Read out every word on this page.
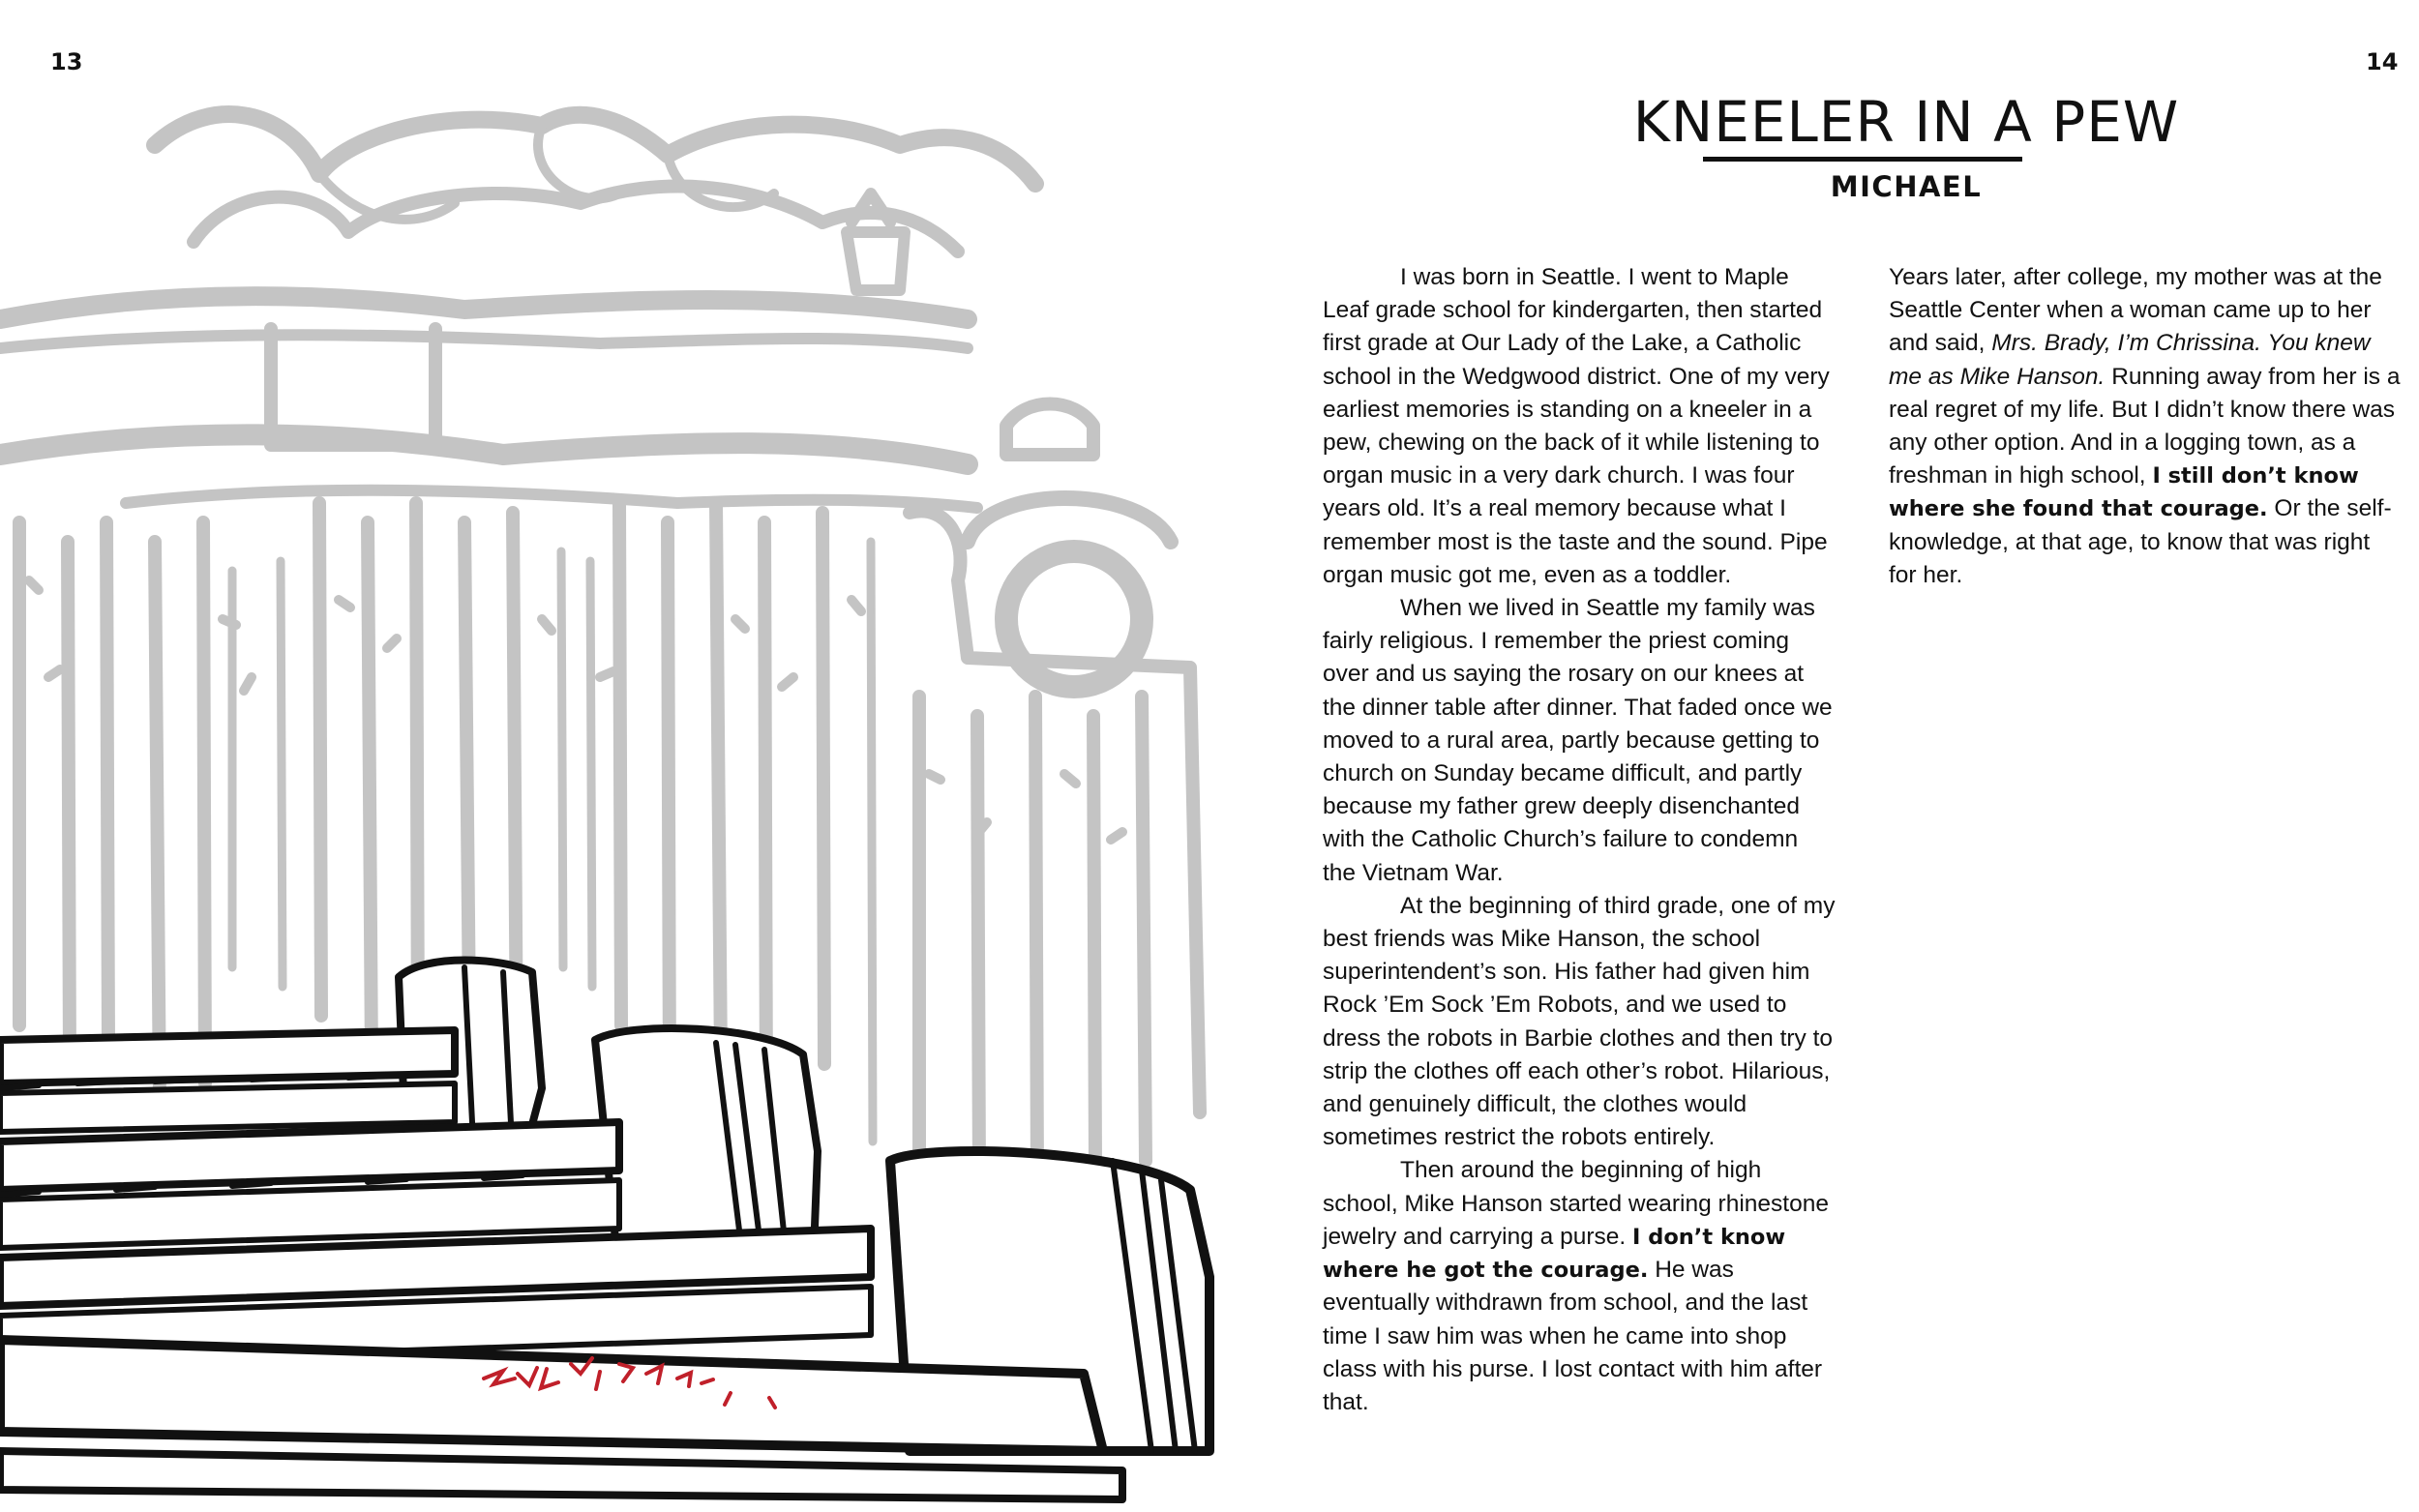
13	14
KNEELER IN A PEW
MICHAEL

I was born in Seattle. I went to Maple Leaf grade school for kindergarten, then started first grade at Our Lady of the Lake, a Catholic school in the Wedgwood district. One of my very earliest memories is standing on a kneeler in a pew, chewing on the back of it while listening to organ music in a very dark church. I was four years old. It’s a real memory because what I remember most is the taste and the sound. Pipe organ music got me, even as a toddler.

When we lived in Seattle my family was fairly religious. I remember the priest coming over and us saying the rosary on our knees at the dinner table after dinner. That faded once we moved to a rural area, partly because getting to church on Sunday became difficult, and partly because my father grew deeply disenchanted with the Catholic Church’s failure to condemn the Vietnam War.

At the beginning of third grade, one of my best friends was Mike Hanson, the school superintendent’s son. His father had given him Rock ’Em Sock ’Em Robots, and we used to dress the robots in Barbie clothes and then try to strip the clothes off each other’s robot. Hilarious, and genuinely difficult, the clothes would sometimes restrict the robots entirely.

Then around the beginning of high school, Mike Hanson started wearing rhinestone jewelry and carrying a purse. I don’t know where he got the courage. He was eventually withdrawn from school, and the last time I saw him was when he came into shop class with his purse. I lost contact with him after that.

Years later, after college, my mother was at the Seattle Center when a woman came up to her and said, Mrs. Brady, I’m Chrissina. You knew me as Mike Hanson. Running away from her is a real regret of my life. But I didn’t know there was any other option. And in a logging town, as a freshman in high school, I still don’t know where she found that courage. Or the self-knowledge, at that age, to know that was right for her.
